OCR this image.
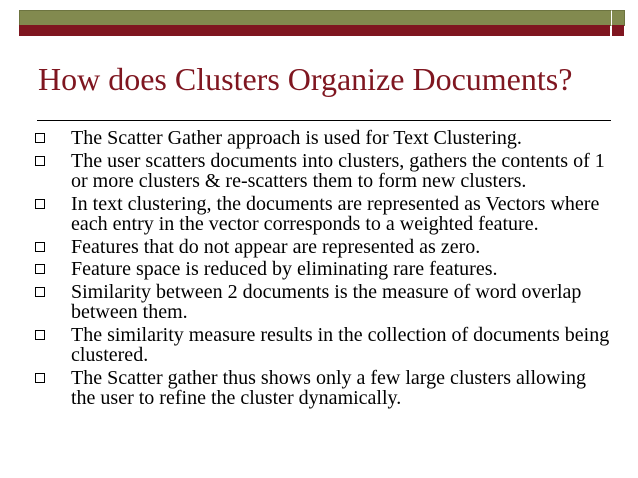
How does Clusters Organize Documents?
The Scatter Gather approach is used for Text Clustering.
The user scatters documents into clusters, gathers the contents of 1 or more clusters & re-scatters them to form new clusters.
In text clustering, the documents are represented as Vectors where each entry in the vector corresponds to a weighted feature.
Features that do not appear are represented as zero.
Feature space is reduced by eliminating rare features.
Similarity between 2 documents is the measure of word overlap between them.
The similarity measure results in the collection of documents being clustered.
The Scatter gather thus shows only a few large clusters allowing the user to refine the cluster dynamically.
